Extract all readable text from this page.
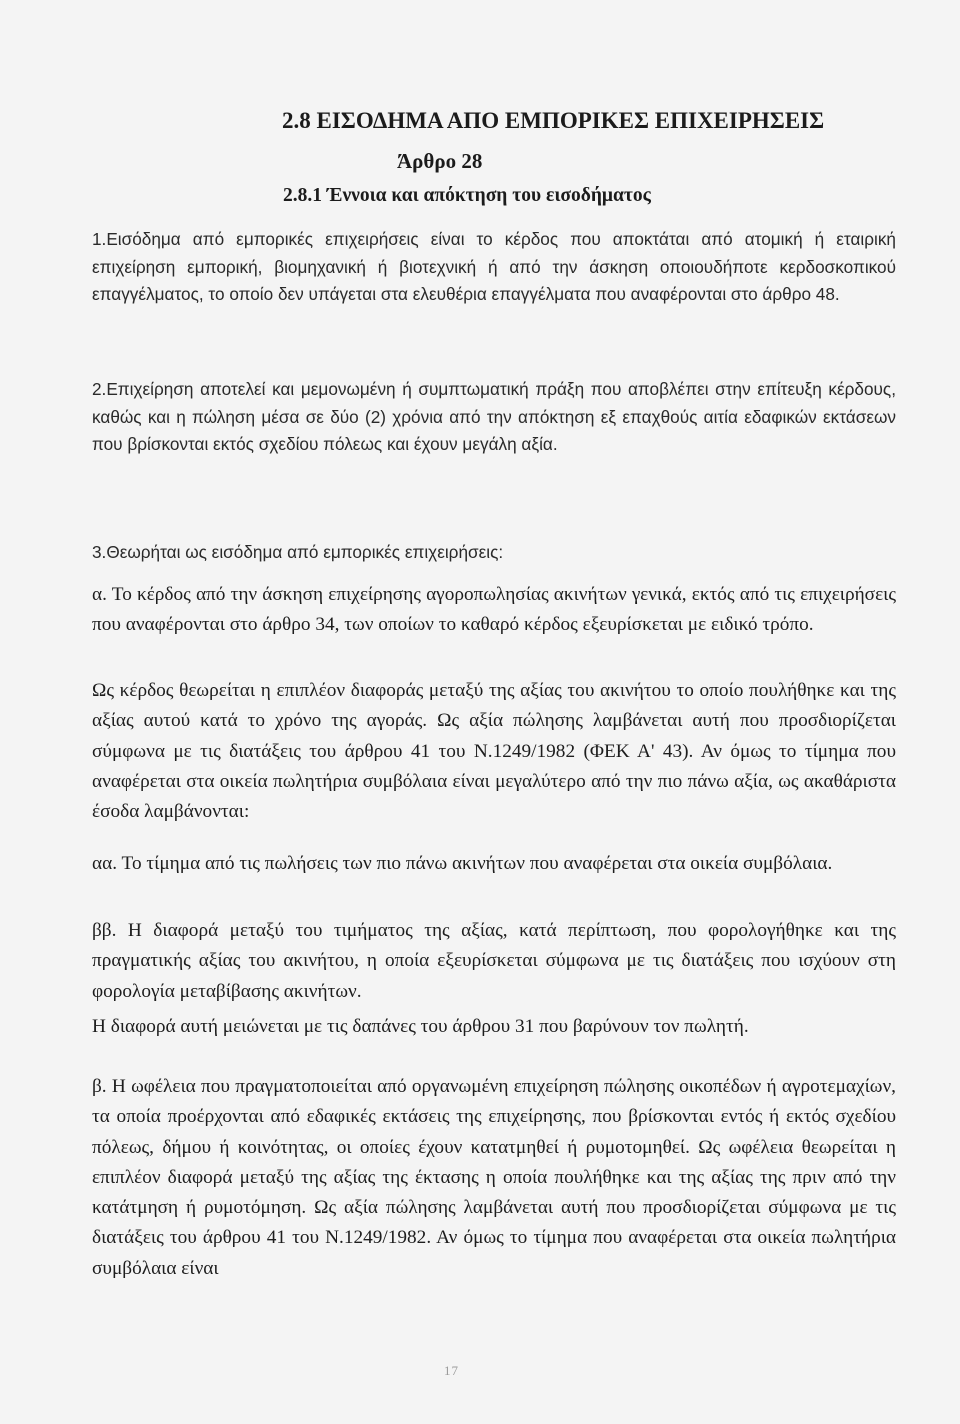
2.8 ΕΙΣΟΔΗΜΑ ΑΠΟ ΕΜΠΟΡΙΚΕΣ ΕΠΙΧΕΙΡΗΣΕΙΣ
Άρθρο 28
2.8.1 Έννοια και απόκτηση του εισοδήματος

1.Εισόδημα από εμπορικές επιχειρήσεις είναι το κέρδος που αποκτάται από ατομική ή εταιρική επιχείρηση εμπορική, βιομηχανική ή βιοτεχνική ή από την άσκηση οποιουδήποτε κερδοσκοπικού επαγγέλματος, το οποίο δεν υπάγεται στα ελευθέρια επαγγέλματα που αναφέρονται στο άρθρο 48.

2.Επιχείρηση αποτελεί και μεμονωμένη ή συμπτωματική πράξη που αποβλέπει στην επίτευξη κέρδους, καθώς και η πώληση μέσα σε δύο (2) χρόνια από την απόκτηση εξ επαχθούς αιτία εδαφικών εκτάσεων που βρίσκονται εκτός σχεδίου πόλεως και έχουν μεγάλη αξία.

3.Θεωρήται ως εισόδημα από εμπορικές επιχειρήσεις:

α. Το κέρδος από την άσκηση επιχείρησης αγοροπωλησίας ακινήτων γενικά, εκτός από τις επιχειρήσεις που αναφέρονται στο άρθρο 34, των οποίων το καθαρό κέρδος εξευρίσκεται με ειδικό τρόπο.

Ως κέρδος θεωρείται η επιπλέον διαφοράς μεταξύ της αξίας του ακινήτου το οποίο πουλήθηκε και της αξίας αυτού κατά το χρόνο της αγοράς. Ως αξία πώλησης λαμβάνεται αυτή που προσδιορίζεται σύμφωνα με τις διατάξεις του άρθρου 41 του Ν.1249/1982 (ΦΕΚ Α' 43). Αν όμως το τίμημα που αναφέρεται στα οικεία πωλητήρια συμβόλαια είναι μεγαλύτερο από την πιο πάνω αξία, ως ακαθάριστα έσοδα λαμβάνονται:

αα. Το τίμημα από τις πωλήσεις των πιο πάνω ακινήτων που αναφέρεται στα οικεία συμβόλαια.

ββ. Η διαφορά μεταξύ του τιμήματος της αξίας, κατά περίπτωση, που φορολογήθηκε και της πραγματικής αξίας του ακινήτου, η οποία εξευρίσκεται σύμφωνα με τις διατάξεις που ισχύουν στη φορολογία μεταβίβασης ακινήτων.

Η διαφορά αυτή μειώνεται με τις δαπάνες του άρθρου 31 που βαρύνουν τον πωλητή.

β. Η ωφέλεια που πραγματοποιείται από οργανωμένη επιχείρηση πώλησης οικοπέδων ή αγροτεμαχίων, τα οποία προέρχονται από εδαφικές εκτάσεις της επιχείρησης, που βρίσκονται εντός ή εκτός σχεδίου πόλεως, δήμου ή κοινότητας, οι οποίες έχουν κατατμηθεί ή ρυμοτομηθεί. Ως ωφέλεια θεωρείται η επιπλέον διαφορά μεταξύ της αξίας της έκτασης η οποία πουλήθηκε και της αξίας της πριν από την κατάτμηση ή ρυμοτόμηση. Ως αξία πώλησης λαμβάνεται αυτή που προσδιορίζεται σύμφωνα με τις διατάξεις του άρθρου 41 του Ν.1249/1982. Αν όμως το τίμημα που αναφέρεται στα οικεία πωλητήρια συμβόλαια είναι

17
